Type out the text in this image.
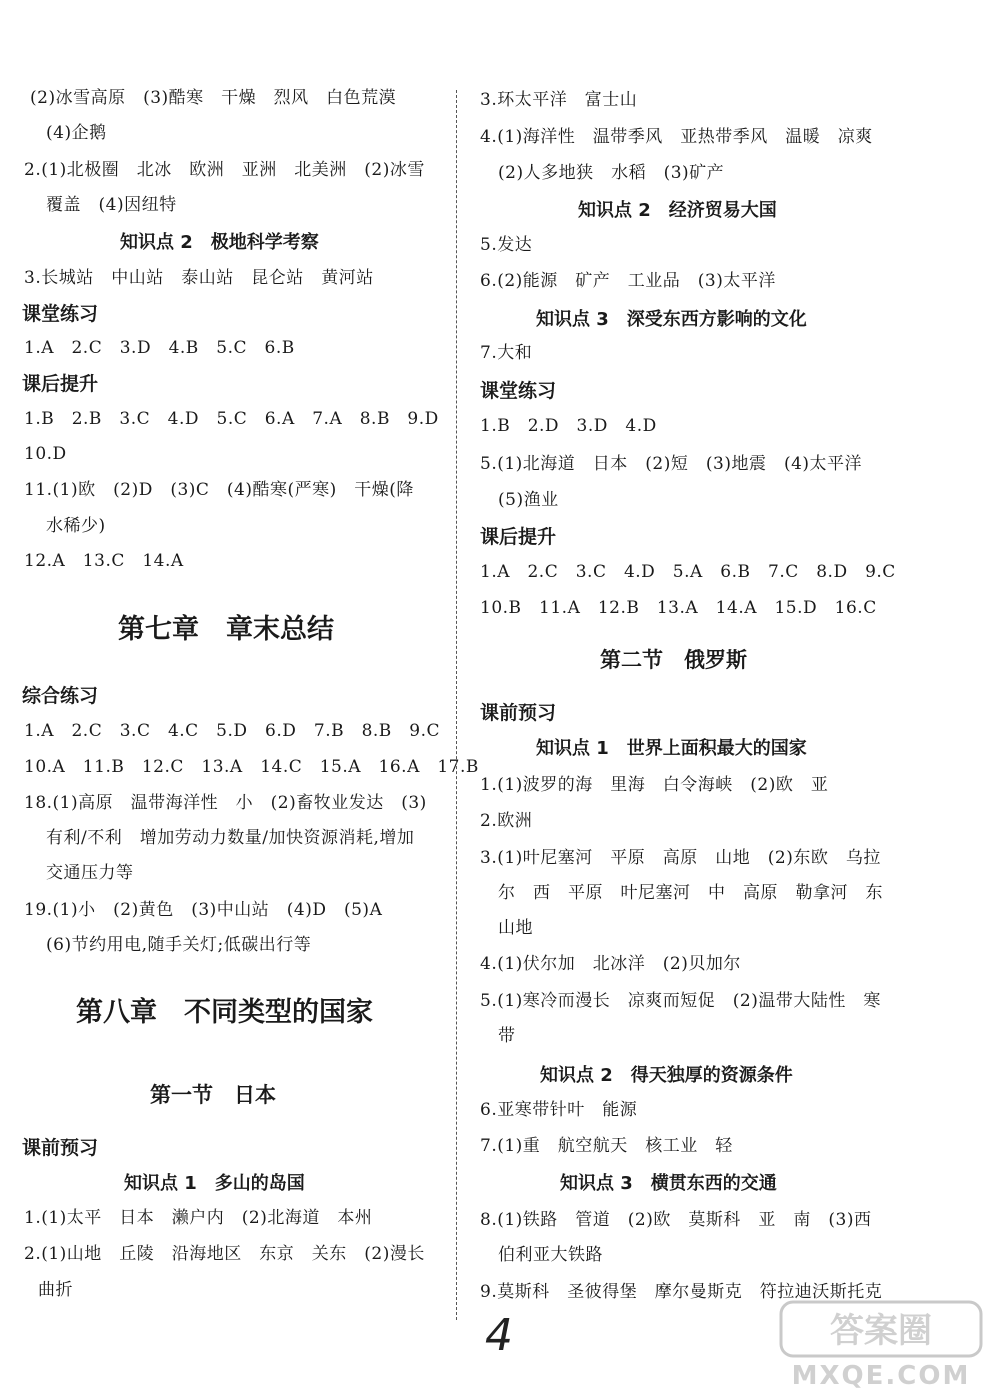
(2)冰雪高原　(3)酷寒　干燥　烈风　白色荒漠
(4)企鹅
2.(1)北极圈　北冰　欧洲　亚洲　北美洲　(2)冰雪
覆盖　(4)因纽特
知识点 2　极地科学考察
3.长城站　中山站　泰山站　昆仑站　黄河站
课堂练习
1.A　2.C　3.D　4.B　5.C　6.B
课后提升
1.B　2.B　3.C　4.D　5.C　6.A　7.A　8.B　9.D
10.D
11.(1)欧　(2)D　(3)C　(4)酷寒(严寒)　干燥(降
水稀少)
12.A　13.C　14.A
第七章　章末总结
综合练习
1.A　2.C　3.C　4.C　5.D　6.D　7.B　8.B　9.C
10.A　11.B　12.C　13.A　14.C　15.A　16.A　17.B
18.(1)高原　温带海洋性　小　(2)畜牧业发达　(3)
有利/不利　增加劳动力数量/加快资源消耗,增加
交通压力等
19.(1)小　(2)黄色　(3)中山站　(4)D　(5)A
(6)节约用电,随手关灯;低碳出行等
第八章　不同类型的国家
第一节　日本
课前预习
知识点 1　多山的岛国
1.(1)太平　日本　濑户内　(2)北海道　本州
2.(1)山地　丘陵　沿海地区　东京　关东　(2)漫长
曲折
3.环太平洋　富士山
4.(1)海洋性　温带季风　亚热带季风　温暖　凉爽
(2)人多地狭　水稻　(3)矿产
知识点 2　经济贸易大国
5.发达
6.(2)能源　矿产　工业品　(3)太平洋
知识点 3　深受东西方影响的文化
7.大和
课堂练习
1.B　2.D　3.D　4.D
5.(1)北海道　日本　(2)短　(3)地震　(4)太平洋
(5)渔业
课后提升
1.A　2.C　3.C　4.D　5.A　6.B　7.C　8.D　9.C
10.B　11.A　12.B　13.A　14.A　15.D　16.C
第二节　俄罗斯
课前预习
知识点 1　世界上面积最大的国家
1.(1)波罗的海　里海　白令海峡　(2)欧　亚
2.欧洲
3.(1)叶尼塞河　平原　高原　山地　(2)东欧　乌拉
尔　西　平原　叶尼塞河　中　高原　勒拿河　东
山地
4.(1)伏尔加　北冰洋　(2)贝加尔
5.(1)寒冷而漫长　凉爽而短促　(2)温带大陆性　寒
带
知识点 2　得天独厚的资源条件
6.亚寒带针叶　能源
7.(1)重　航空航天　核工业　轻
知识点 3　横贯东西的交通
8.(1)铁路　管道　(2)欧　莫斯科　亚　南　(3)西
伯利亚大铁路
9.莫斯科　圣彼得堡　摩尔曼斯克　符拉迪沃斯托克
4	答案圈
MXQE.COM
